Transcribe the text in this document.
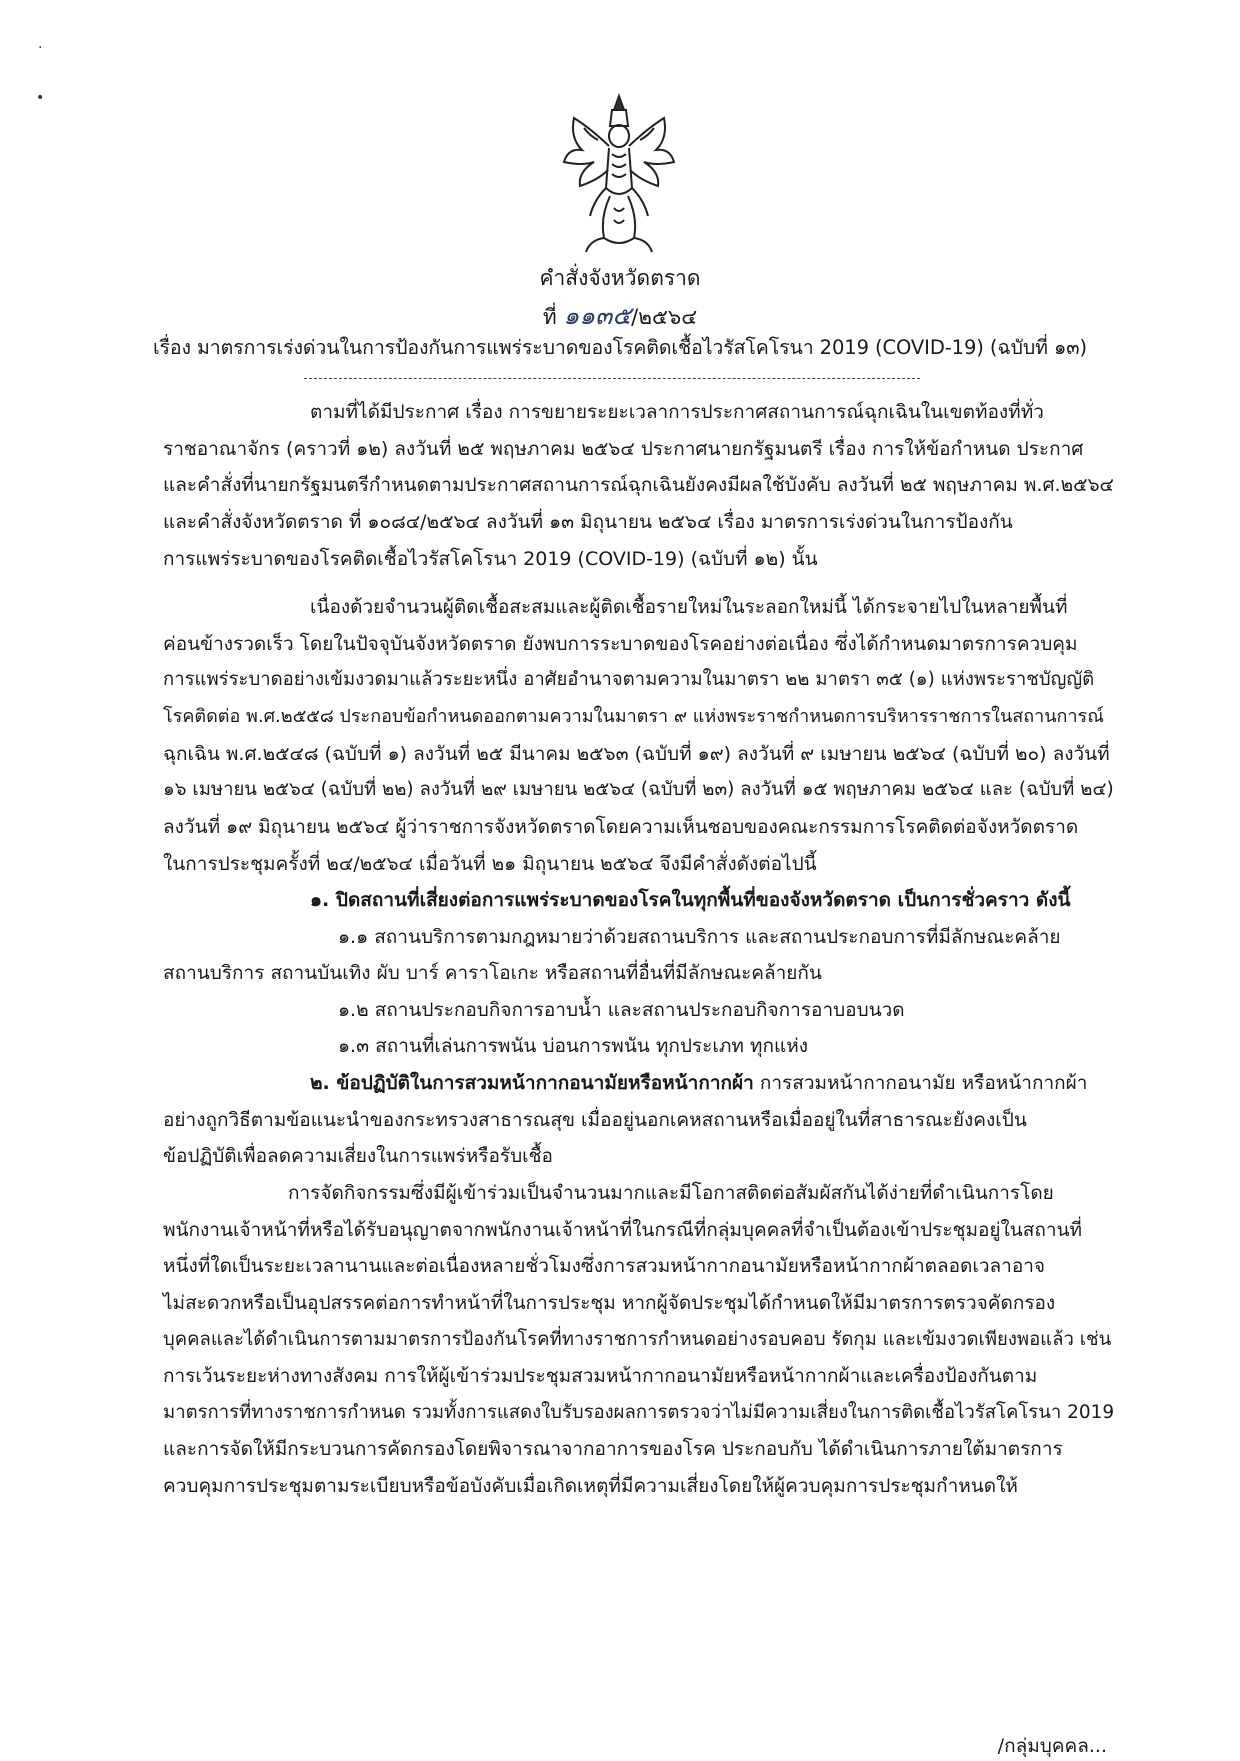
·
•
คำสั่งจังหวัดตราด
ที่ ๑๑๓๕/๒๕๖๔
เรื่อง มาตรการเร่งด่วนในการป้องกันการแพร่ระบาดของโรคติดเชื้อไวรัสโคโรนา 2019 (COVID-19) (ฉบับที่ ๑๓)
ตามที่ได้มีประกาศ เรื่อง การขยายระยะเวลาการประกาศสถานการณ์ฉุกเฉินในเขตท้องที่ทั่ว
ราชอาณาจักร (คราวที่ ๑๒) ลงวันที่ ๒๕ พฤษภาคม ๒๕๖๔ ประกาศนายกรัฐมนตรี เรื่อง การให้ข้อกำหนด ประกาศ
และคำสั่งที่นายกรัฐมนตรีกำหนดตามประกาศสถานการณ์ฉุกเฉินยังคงมีผลใช้บังคับ ลงวันที่ ๒๕ พฤษภาคม พ.ศ.๒๕๖๔
และคำสั่งจังหวัดตราด ที่ ๑๐๘๔/๒๕๖๔ ลงวันที่ ๑๓ มิถุนายน ๒๕๖๔ เรื่อง มาตรการเร่งด่วนในการป้องกัน
การแพร่ระบาดของโรคติดเชื้อไวรัสโคโรนา 2019 (COVID-19) (ฉบับที่ ๑๒) นั้น
เนื่องด้วยจำนวนผู้ติดเชื้อสะสมและผู้ติดเชื้อรายใหม่ในระลอกใหม่นี้ ได้กระจายไปในหลายพื้นที่
ค่อนข้างรวดเร็ว โดยในปัจจุบันจังหวัดตราด ยังพบการระบาดของโรคอย่างต่อเนื่อง ซึ่งได้กำหนดมาตรการควบคุม
การแพร่ระบาดอย่างเข้มงวดมาแล้วระยะหนึ่ง อาศัยอำนาจตามความในมาตรา ๒๒ มาตรา ๓๕ (๑) แห่งพระราชบัญญัติ
โรคติดต่อ พ.ศ.๒๕๕๘ ประกอบข้อกำหนดออกตามความในมาตรา ๙ แห่งพระราชกำหนดการบริหารราชการในสถานการณ์
ฉุกเฉิน พ.ศ.๒๕๔๘ (ฉบับที่ ๑) ลงวันที่ ๒๕ มีนาคม ๒๕๖๓ (ฉบับที่ ๑๙) ลงวันที่ ๙ เมษายน ๒๕๖๔ (ฉบับที่ ๒๐) ลงวันที่
๑๖ เมษายน ๒๕๖๔ (ฉบับที่ ๒๒) ลงวันที่ ๒๙ เมษายน ๒๕๖๔ (ฉบับที่ ๒๓) ลงวันที่ ๑๕ พฤษภาคม ๒๕๖๔ และ (ฉบับที่ ๒๔)
ลงวันที่ ๑๙ มิถุนายน ๒๕๖๔ ผู้ว่าราชการจังหวัดตราดโดยความเห็นชอบของคณะกรรมการโรคติดต่อจังหวัดตราด
ในการประชุมครั้งที่ ๒๔/๒๕๖๔ เมื่อวันที่ ๒๑ มิถุนายน ๒๕๖๔ จึงมีคำสั่งดังต่อไปนี้
๑. ปิดสถานที่เสี่ยงต่อการแพร่ระบาดของโรคในทุกพื้นที่ของจังหวัดตราด เป็นการชั่วคราว ดังนี้
๑.๑ สถานบริการตามกฎหมายว่าด้วยสถานบริการ และสถานประกอบการที่มีลักษณะคล้าย
สถานบริการ สถานบันเทิง ผับ บาร์ คาราโอเกะ หรือสถานที่อื่นที่มีลักษณะคล้ายกัน
๑.๒ สถานประกอบกิจการอาบน้ำ และสถานประกอบกิจการอาบอบนวด
๑.๓ สถานที่เล่นการพนัน บ่อนการพนัน ทุกประเภท ทุกแห่ง
๒. ข้อปฏิบัติในการสวมหน้ากากอนามัยหรือหน้ากากผ้า การสวมหน้ากากอนามัย หรือหน้ากากผ้า
อย่างถูกวิธีตามข้อแนะนำของกระทรวงสาธารณสุข เมื่ออยู่นอกเคหสถานหรือเมื่ออยู่ในที่สาธารณะยังคงเป็น
ข้อปฏิบัติเพื่อลดความเสี่ยงในการแพร่หรือรับเชื้อ
การจัดกิจกรรมซึ่งมีผู้เข้าร่วมเป็นจำนวนมากและมีโอกาสติดต่อสัมผัสกันได้ง่ายที่ดำเนินการโดย
พนักงานเจ้าหน้าที่หรือได้รับอนุญาตจากพนักงานเจ้าหน้าที่ในกรณีที่กลุ่มบุคคลที่จำเป็นต้องเข้าประชุมอยู่ในสถานที่
หนึ่งที่ใดเป็นระยะเวลานานและต่อเนื่องหลายชั่วโมงซึ่งการสวมหน้ากากอนามัยหรือหน้ากากผ้าตลอดเวลาอาจ
ไม่สะดวกหรือเป็นอุปสรรคต่อการทำหน้าที่ในการประชุม หากผู้จัดประชุมได้กำหนดให้มีมาตรการตรวจคัดกรอง
บุคคลและได้ดำเนินการตามมาตรการป้องกันโรคที่ทางราชการกำหนดอย่างรอบคอบ รัดกุม และเข้มงวดเพียงพอแล้ว เช่น
การเว้นระยะห่างทางสังคม การให้ผู้เข้าร่วมประชุมสวมหน้ากากอนามัยหรือหน้ากากผ้าและเครื่องป้องกันตาม
มาตรการที่ทางราชการกำหนด รวมทั้งการแสดงใบรับรองผลการตรวจว่าไม่มีความเสี่ยงในการติดเชื้อไวรัสโคโรนา 2019
และการจัดให้มีกระบวนการคัดกรองโดยพิจารณาจากอาการของโรค ประกอบกับ ได้ดำเนินการภายใต้มาตรการ
ควบคุมการประชุมตามระเบียบหรือข้อบังคับเมื่อเกิดเหตุที่มีความเสี่ยงโดยให้ผู้ควบคุมการประชุมกำหนดให้
/กลุ่มบุคคล...
